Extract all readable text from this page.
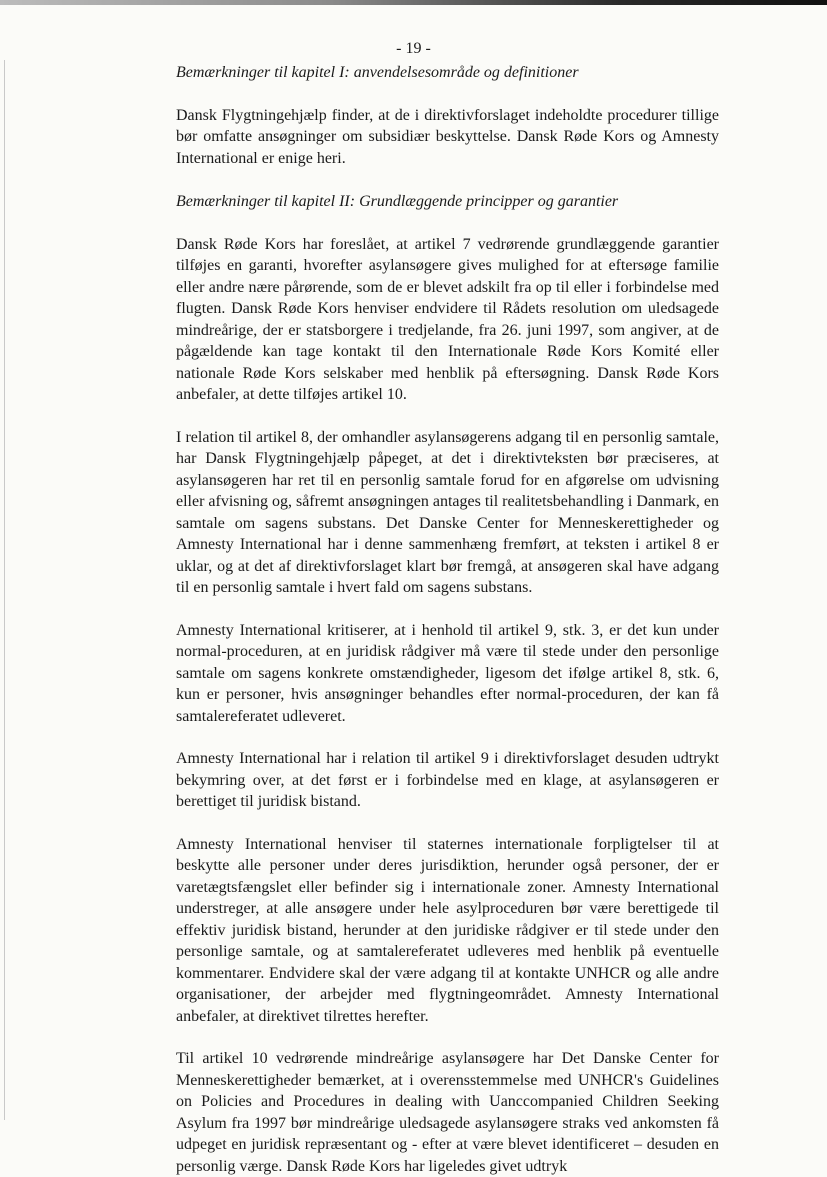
- 19 -
Bemærkninger til kapitel I: anvendelsesområde og definitioner

Dansk Flygtningehjælp finder, at de i direktivforslaget indeholdte procedurer tillige bør omfatte ansøgninger om subsidiær beskyttelse. Dansk Røde Kors og Amnesty International er enige heri.

Bemærkninger til kapitel II: Grundlæggende principper og garantier

Dansk Røde Kors har foreslået, at artikel 7 vedrørende grundlæggende garantier tilføjes en garanti, hvorefter asylansøgere gives mulighed for at eftersøge familie eller andre nære pårørende, som de er blevet adskilt fra op til eller i forbindelse med flugten. Dansk Røde Kors henviser endvidere til Rådets resolution om uledsagede mindreårige, der er statsborgere i tredjelande, fra 26. juni 1997, som angiver, at de pågældende kan tage kontakt til den Internationale Røde Kors Komité eller nationale Røde Kors selskaber med henblik på eftersøgning. Dansk Røde Kors anbefaler, at dette tilføjes artikel 10.

I relation til artikel 8, der omhandler asylansøgerens adgang til en personlig samtale, har Dansk Flygtningehjælp påpeget, at det i direktivteksten bør præciseres, at asylansøgeren har ret til en personlig samtale forud for en afgørelse om udvisning eller afvisning og, såfremt ansøgningen antages til realitetsbehandling i Danmark, en samtale om sagens substans. Det Danske Center for Menneskerettigheder og Amnesty International har i denne sammenhæng fremført, at teksten i artikel 8 er uklar, og at det af direktivforslaget klart bør fremgå, at ansøgeren skal have adgang til en personlig samtale i hvert fald om sagens substans.

Amnesty International kritiserer, at i henhold til artikel 9, stk. 3, er det kun under normal-proceduren, at en juridisk rådgiver må være til stede under den personlige samtale om sagens konkrete omstændigheder, ligesom det ifølge artikel 8, stk. 6, kun er personer, hvis ansøgninger behandles efter normal-proceduren, der kan få samtalereferatet udleveret.

Amnesty International har i relation til artikel 9 i direktivforslaget desuden udtrykt bekymring over, at det først er i forbindelse med en klage, at asylansøgeren er berettiget til juridisk bistand.

Amnesty International henviser til staternes internationale forpligtelser til at beskytte alle personer under deres jurisdiktion, herunder også personer, der er varetægtsfængslet eller befinder sig i internationale zoner. Amnesty International understreger, at alle ansøgere under hele asylproceduren bør være berettigede til effektiv juridisk bistand, herunder at den juridiske rådgiver er til stede under den personlige samtale, og at samtalereferatet udleveres med henblik på eventuelle kommentarer. Endvidere skal der være adgang til at kontakte UNHCR og alle andre organisationer, der arbejder med flygtningeområdet. Amnesty International anbefaler, at direktivet tilrettes herefter.

Til artikel 10 vedrørende mindreårige asylansøgere har Det Danske Center for Menneskerettigheder bemærket, at i overensstemmelse med UNHCR's Guidelines on Policies and Procedures in dealing with Uanccompanied Children Seeking Asylum fra 1997 bør mindreårige uledsagede asylansøgere straks ved ankomsten få udpeget en juridisk repræsentant og - efter at være blevet identificeret – desuden en personlig værge. Dansk Røde Kors har ligeledes givet udtryk
